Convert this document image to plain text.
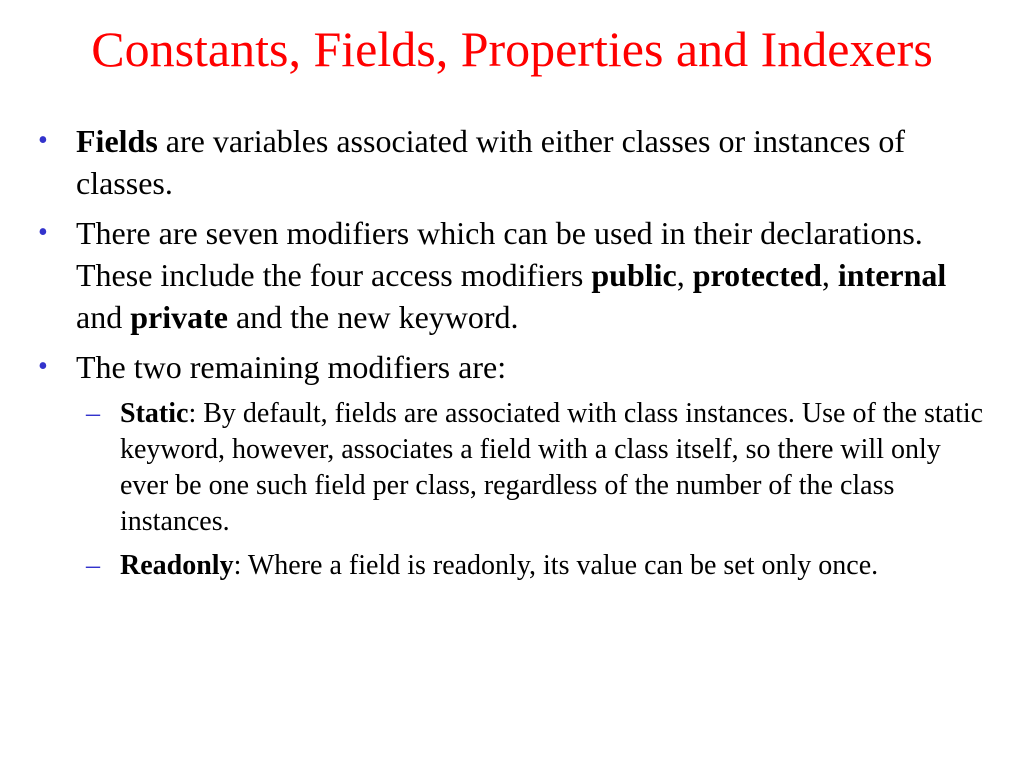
Constants, Fields, Properties and Indexers
• Fields are variables associated with either classes or instances of classes.
• There are seven modifiers which can be used in their declarations. These include the four access modifiers public, protected, internal and private and the new keyword.
• The two remaining modifiers are:
– Static: By default, fields are associated with class instances. Use of the static keyword, however, associates a field with a class itself, so there will only ever be one such field per class, regardless of the number of the class instances.
– Readonly: Where a field is readonly, its value can be set only once.
